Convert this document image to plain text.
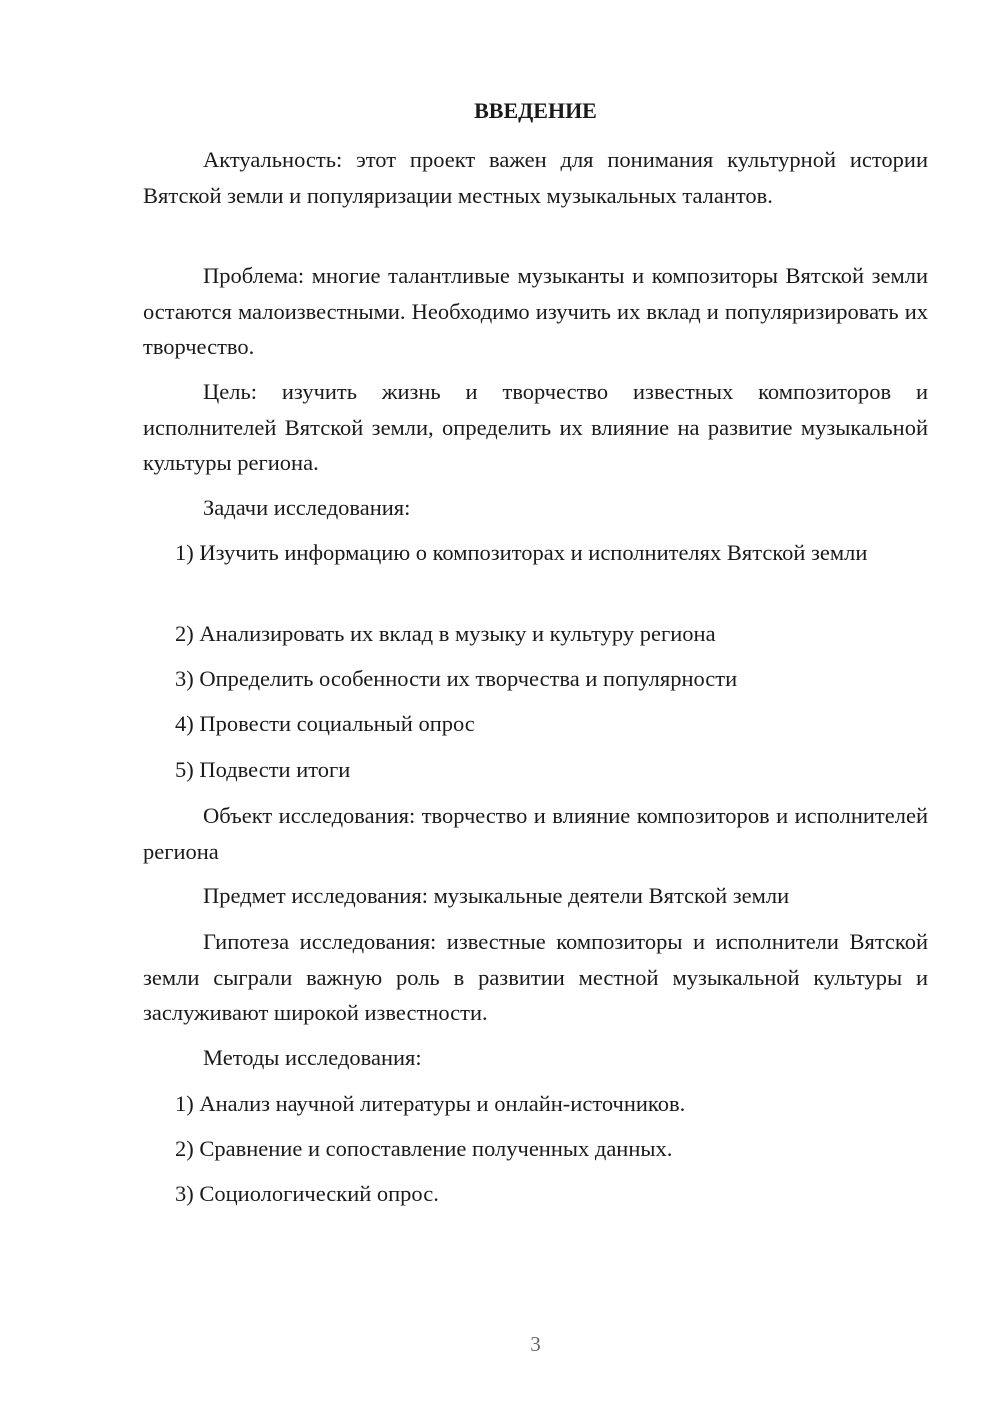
ВВЕДЕНИЕ

Актуальность: этот проект важен для понимания культурной истории Вятской земли и популяризации местных музыкальных талантов.

Проблема: многие талантливые музыканты и композиторы Вятской земли остаются малоизвестными. Необходимо изучить их вклад и популяризировать их творчество.

Цель: изучить жизнь и творчество известных композиторов и исполнителей Вятской земли, определить их влияние на развитие музыкальной культуры региона.

Задачи исследования:

1) Изучить информацию о композиторах и исполнителях Вятской земли

2) Анализировать их вклад в музыку и культуру региона

3) Определить особенности их творчества и популярности

4) Провести социальный опрос

5) Подвести итоги

Объект исследования: творчество и влияние композиторов и исполнителей региона

Предмет исследования: музыкальные деятели Вятской земли

Гипотеза исследования: известные композиторы и исполнители Вятской земли сыграли важную роль в развитии местной музыкальной культуры и заслуживают широкой известности.

Методы исследования:

1) Анализ научной литературы и онлайн-источников.

2) Сравнение и сопоставление полученных данных.

3) Социологический опрос.

3
